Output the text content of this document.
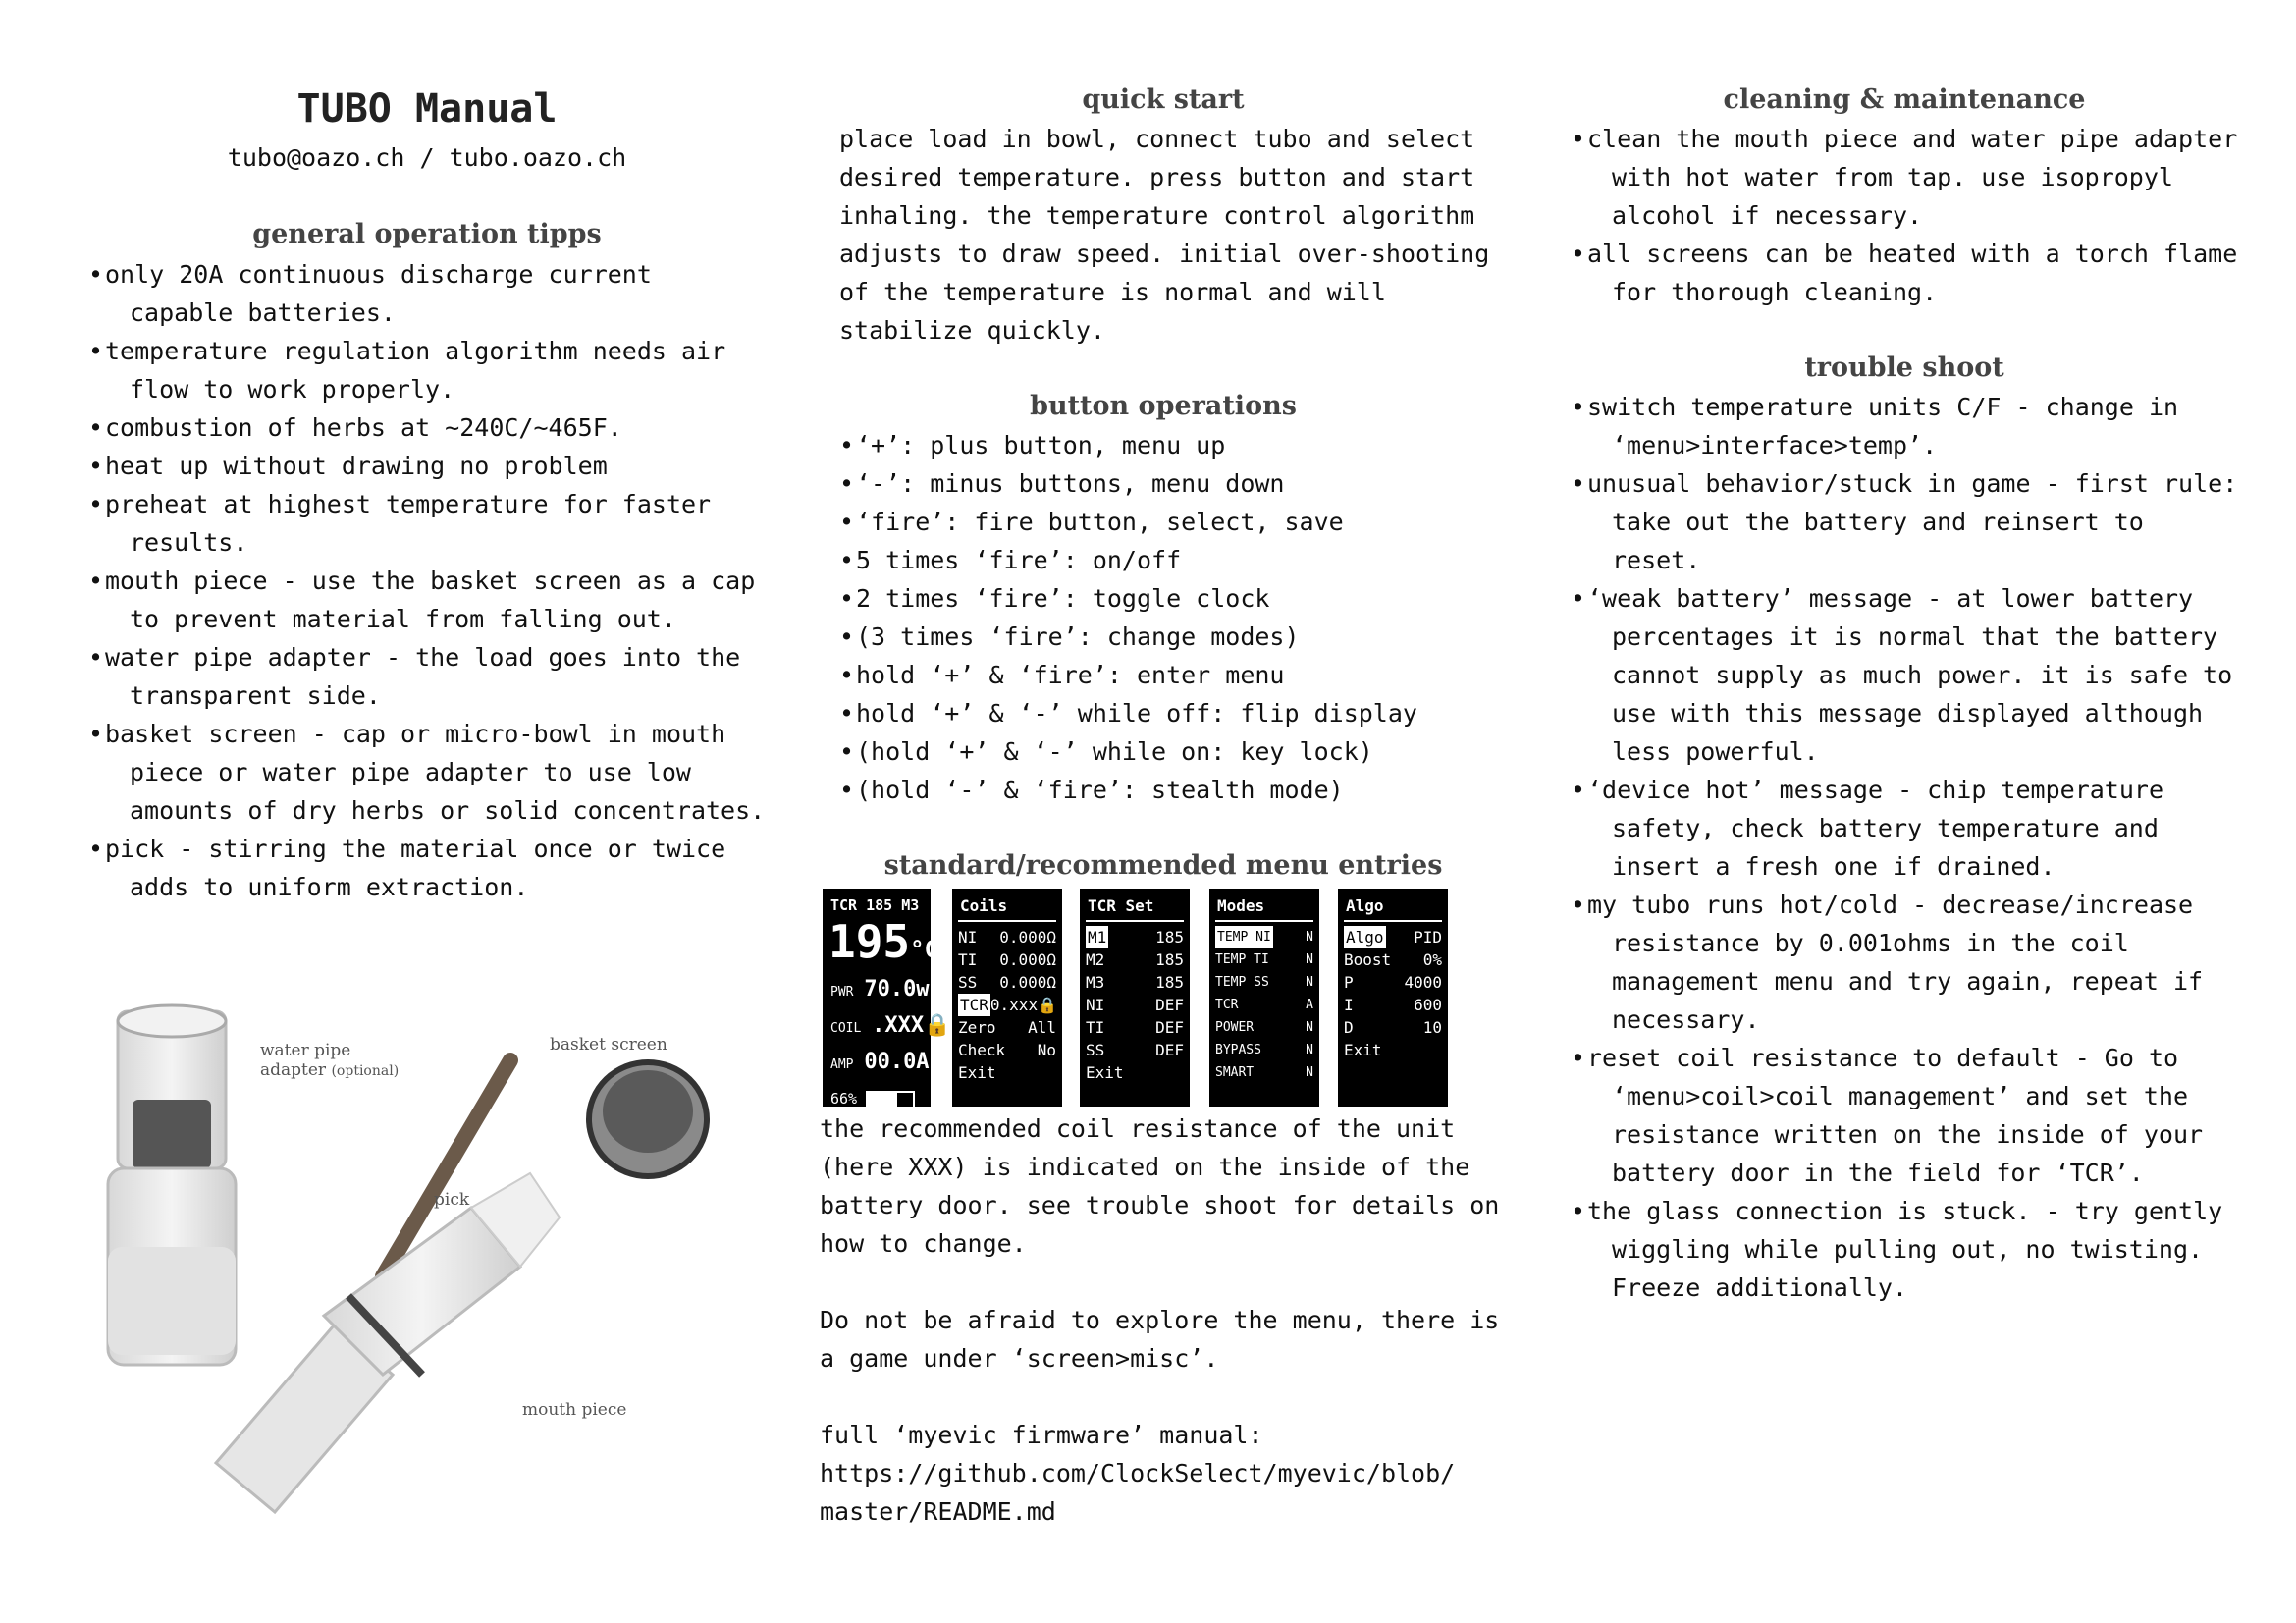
TUBO Manual

tubo@oazo.ch / tubo.oazo.ch

general operation tipps
• only 20A continuous discharge current capable batteries.
• temperature regulation algorithm needs air flow to work properly.
• combustion of herbs at ~240C/~465F.
• heat up without drawing no problem
• preheat at highest temperature for faster results.
• mouth piece - use the basket screen as a cap to prevent material from falling out.
• water pipe adapter - the load goes into the transparent side.
• basket screen - cap or micro-bowl in mouth piece or water pipe adapter to use low amounts of dry herbs or solid concentrates.
• pick - stirring the material once or twice adds to uniform extraction.
water pipe
adapter (optional)
basket screen
pick
mouth piece
quick start

place load in bowl, connect tubo and select desired temperature. press button and start inhaling. the temperature control algorithm adjusts to draw speed. initial over-shooting of the temperature is normal and will stabilize quickly.

button operations
• ‘+’: plus button, menu up
• ‘-’: minus buttons, menu down
• ‘fire’: fire button, select, save
• 5 times ‘fire’: on/off
• 2 times ‘fire’: toggle clock
• (3 times ‘fire’: change modes)
• hold ‘+’ & ‘fire’: enter menu
• hold ‘+’ & ‘-’ while off: flip display
• (hold ‘+’ & ‘-’ while on: key lock)
• (hold ‘-’ & ‘fire’: stealth mode)
standard/recommended menu entries
TCR 185 M3
195°C
PWR 70.0w
COIL .XXX🔒
AMP 00.0A
66%
Coils
NI 0.000Ω
TI 0.000Ω
SS 0.000Ω
TCR 0.xxx🔒
Zero All
Check No
Exit
TCR Set
M1	185
M2	185
M3	185
NI	DEF
TI	DEF
SS	DEF
Exit
Modes
TEMP NI	N
TEMP TI	N
TEMP SS	N
TCR	A
POWER	N
BYPASS	N
SMART	N
Algo
Algo PID
Boost 0%
P	4000
I	600
D	10
Exit

the recommended coil resistance of the unit (here XXX) is indicated on the inside of the battery door. see trouble shoot for details on how to change.

Do not be afraid to explore the menu, there is a game under ‘screen>misc’.

full ‘myevic firmware’ manual:

https://github.com/ClockSelect/myevic/blob/

master/README.md

cleaning & maintenance
• clean the mouth piece and water pipe adapter with hot water from tap. use isopropyl alcohol if necessary.
• all screens can be heated with a torch flame for thorough cleaning.
trouble shoot
• switch temperature units C/F - change in ‘menu>interface>temp’.
• unusual behavior/stuck in game - first rule: take out the battery and reinsert to reset.
• ‘weak battery’ message - at lower battery percentages it is normal that the battery cannot supply as much power. it is safe to use with this message displayed although less powerful.
• ‘device hot’ message - chip temperature safety, check battery temperature and insert a fresh one if drained.
• my tubo runs hot/cold - decrease/increase resistance by 0.001ohms in the coil management menu and try again, repeat if necessary.
• reset coil resistance to default - Go to ‘menu>coil>coil management’ and set the resistance written on the inside of your battery door in the field for ‘TCR’.
• the glass connection is stuck. - try gently wiggling while pulling out, no twisting. Freeze additionally.
